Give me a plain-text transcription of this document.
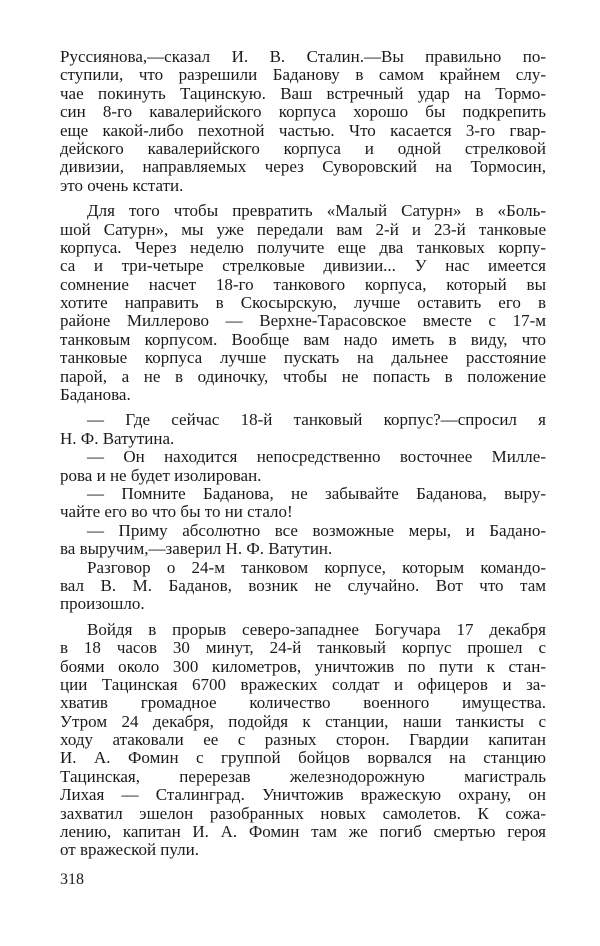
Руссиянова,—сказал И. В. Сталин.—Вы правильно по-
ступили, что разрешили Баданову в самом крайнем слу-
чае покинуть Тацинскую. Ваш встречный удар на Тормо-
син 8-го кавалерийского корпуса хорошо бы подкрепить
еще какой-либо пехотной частью. Что касается 3-го гвар-
дейского кавалерийского корпуса и одной стрелковой
дивизии, направляемых через Суворовский на Тормосин,
это очень кстати.
Для того чтобы превратить «Малый Сатурн» в «Боль-
шой Сатурн», мы уже передали вам 2-й и 23-й танковые
корпуса. Через неделю получите еще два танковых корпу-
са и три-четыре стрелковые дивизии... У нас имеется
сомнение насчет 18-го танкового корпуса, который вы
хотите направить в Скосырскую, лучше оставить его в
районе Миллерово — Верхне-Тарасовское вместе с 17-м
танковым корпусом. Вообще вам надо иметь в виду, что
танковые корпуса лучше пускать на дальнее расстояние
парой, а не в одиночку, чтобы не попасть в положение
Баданова.
— Где сейчас 18-й танковый корпус?—спросил я
Н. Ф. Ватутина.
— Он находится непосредственно восточнее Милле-
рова и не будет изолирован.
— Помните Баданова, не забывайте Баданова, выру-
чайте его во что бы то ни стало!
— Приму абсолютно все возможные меры, и Бадано-
ва выручим,—заверил Н. Ф. Ватутин.
Разговор о 24-м танковом корпусе, которым командо-
вал В. М. Баданов, возник не случайно. Вот что там
произошло.
Войдя в прорыв северо-западнее Богучара 17 декабря
в 18 часов 30 минут, 24-й танковый корпус прошел с
боями около 300 километров, уничтожив по пути к стан-
ции Тацинская 6700 вражеских солдат и офицеров и за-
хватив громадное количество военного имущества.
Утром 24 декабря, подойдя к станции, наши танкисты с
ходу атаковали ее с разных сторон. Гвардии капитан
И. А. Фомин с группой бойцов ворвался на станцию
Тацинская, перерезав железнодорожную магистраль
Лихая — Сталинград. Уничтожив вражескую охрану, он
захватил эшелон разобранных новых самолетов. К сожа-
лению, капитан И. А. Фомин там же погиб смертью героя
от вражеской пули.
318
